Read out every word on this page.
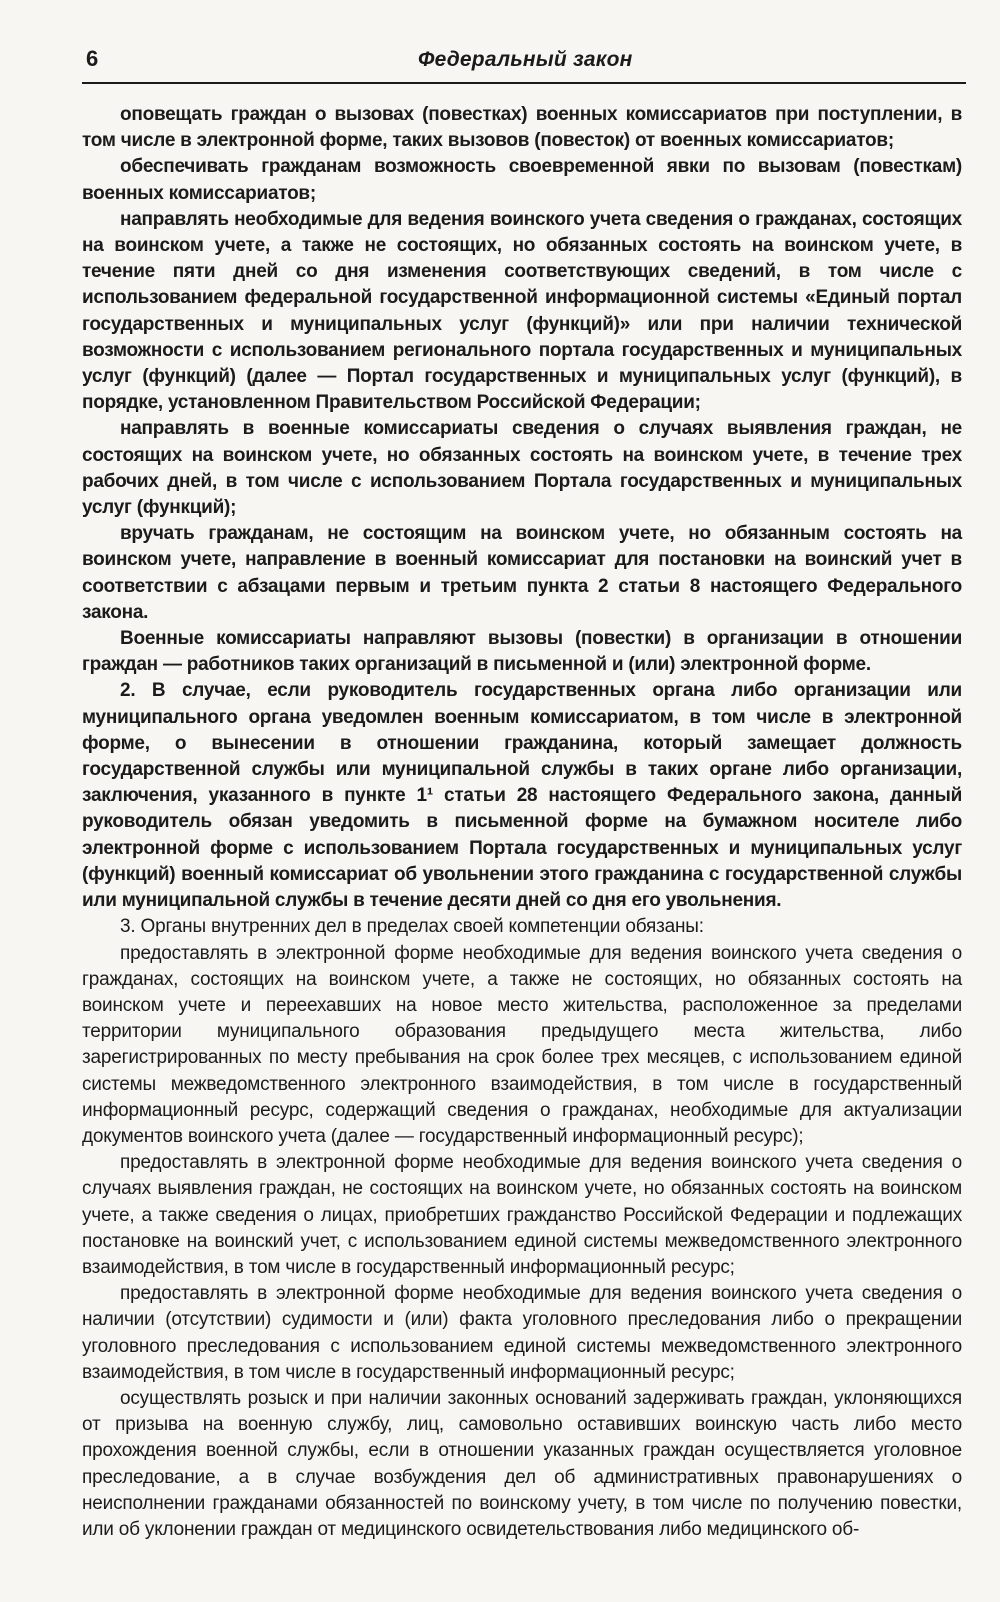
6	Федеральный закон

оповещать граждан о вызовах (повестках) военных комиссариатов при поступлении, в том числе в электронной форме, таких вызовов (повесток) от военных комиссариатов;

обеспечивать гражданам возможность своевременной явки по вызовам (повесткам) военных комиссариатов;

направлять необходимые для ведения воинского учета сведения о гражданах, состоящих на воинском учете, а также не состоящих, но обязанных состоять на воинском учете, в течение пяти дней со дня изменения соответствующих сведений, в том числе с использованием федеральной государственной информационной системы «Единый портал государственных и муниципальных услуг (функций)» или при наличии технической возможности с использованием регионального портала государственных и муниципальных услуг (функций) (далее — Портал государственных и муниципальных услуг (функций), в порядке, установленном Правительством Российской Федерации;

направлять в военные комиссариаты сведения о случаях выявления граждан, не состоящих на воинском учете, но обязанных состоять на воинском учете, в течение трех рабочих дней, в том числе с использованием Портала государственных и муниципальных услуг (функций);

вручать гражданам, не состоящим на воинском учете, но обязанным состоять на воинском учете, направление в военный комиссариат для постановки на воинский учет в соответствии с абзацами первым и третьим пункта 2 статьи 8 настоящего Федерального закона.

Военные комиссариаты направляют вызовы (повестки) в организации в отношении граждан — работников таких организаций в письменной и (или) электронной форме.

2. В случае, если руководитель государственных органа либо организации или муниципального органа уведомлен военным комиссариатом, в том числе в электронной форме, о вынесении в отношении гражданина, который замещает должность государственной службы или муниципальной службы в таких органе либо организации, заключения, указанного в пункте 1¹ статьи 28 настоящего Федерального закона, данный руководитель обязан уведомить в письменной форме на бумажном носителе либо электронной форме с использованием Портала государственных и муниципальных услуг (функций) военный комиссариат об увольнении этого гражданина с государственной службы или муниципальной службы в течение десяти дней со дня его увольнения.

3. Органы внутренних дел в пределах своей компетенции обязаны:

предоставлять в электронной форме необходимые для ведения воинского учета сведения о гражданах, состоящих на воинском учете, а также не состоящих, но обязанных состоять на воинском учете и переехавших на новое место жительства, расположенное за пределами территории муниципального образования предыдущего места жительства, либо зарегистрированных по месту пребывания на срок более трех месяцев, с использованием единой системы межведомственного электронного взаимодействия, в том числе в государственный информационный ресурс, содержащий сведения о гражданах, необходимые для актуализации документов воинского учета (далее — государственный информационный ресурс);

предоставлять в электронной форме необходимые для ведения воинского учета сведения о случаях выявления граждан, не состоящих на воинском учете, но обязанных состоять на воинском учете, а также сведения о лицах, приобретших гражданство Российской Федерации и подлежащих постановке на воинский учет, с использованием единой системы межведомственного электронного взаимодействия, в том числе в государственный информационный ресурс;

предоставлять в электронной форме необходимые для ведения воинского учета сведения о наличии (отсутствии) судимости и (или) факта уголовного преследования либо о прекращении уголовного преследования с использованием единой системы межведомственного электронного взаимодействия, в том числе в государственный информационный ресурс;

осуществлять розыск и при наличии законных оснований задерживать граждан, уклоняющихся от призыва на военную службу, лиц, самовольно оставивших воинскую часть либо место прохождения военной службы, если в отношении указанных граждан осуществляется уголовное преследование, а в случае возбуждения дел об административных правонарушениях о неисполнении гражданами обязанностей по воинскому учету, в том числе по получению повестки, или об уклонении граждан от медицинского освидетельствования либо медицинского об-
